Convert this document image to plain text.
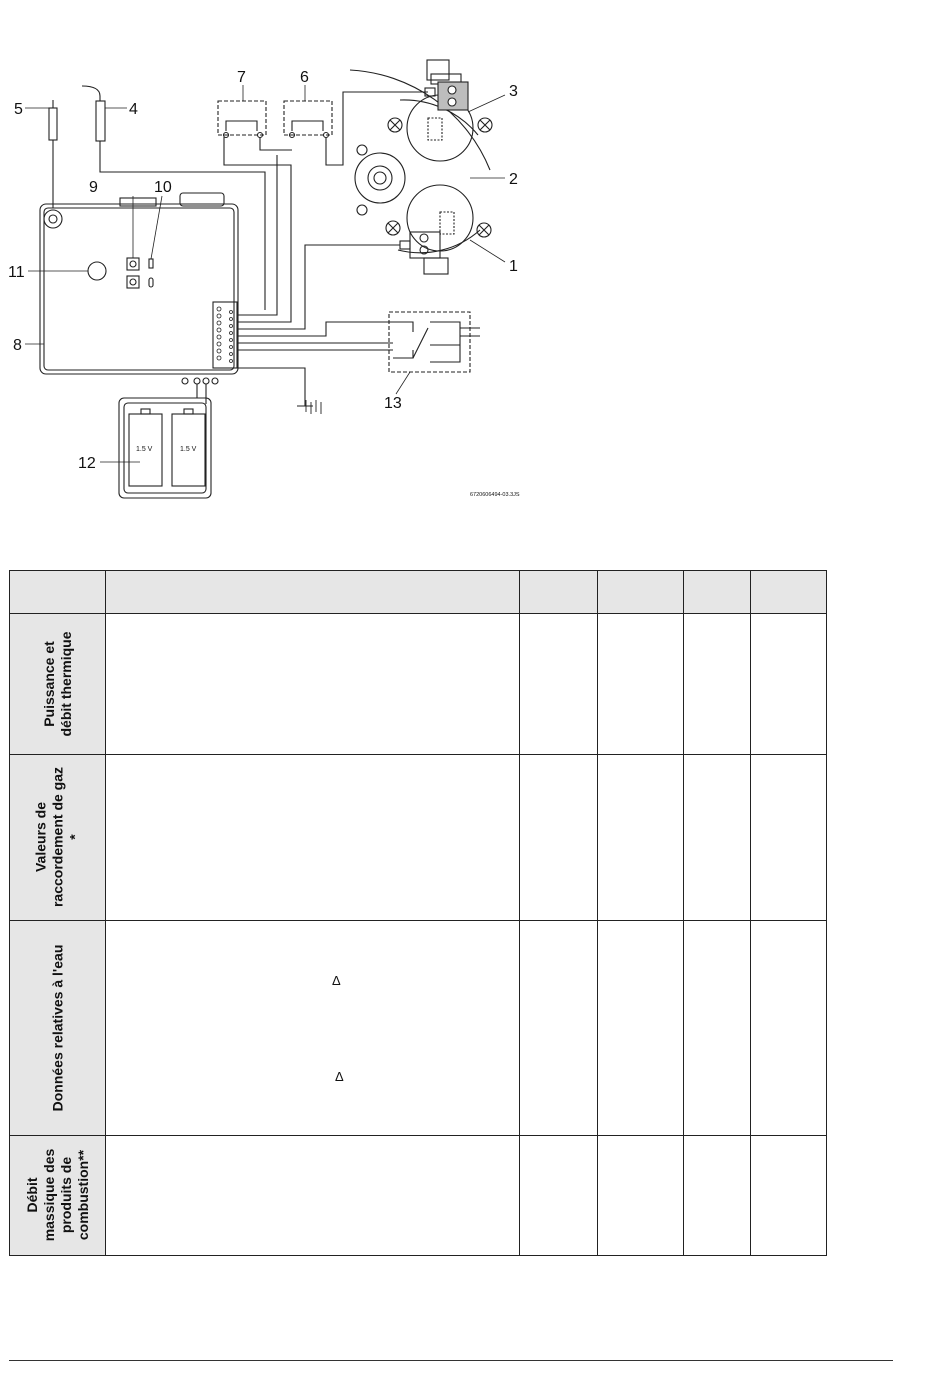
1
2
3
4
5
6
7
8
9	10
11
12
13
1.5 V	1.5 V
6720606494-03.3JS

Puissance et débit thermique					

Valeurs de raccordement de gaz *					

Données relatives à l'eau	Δ
Δ				

Débit massique des produits de combustion**					
